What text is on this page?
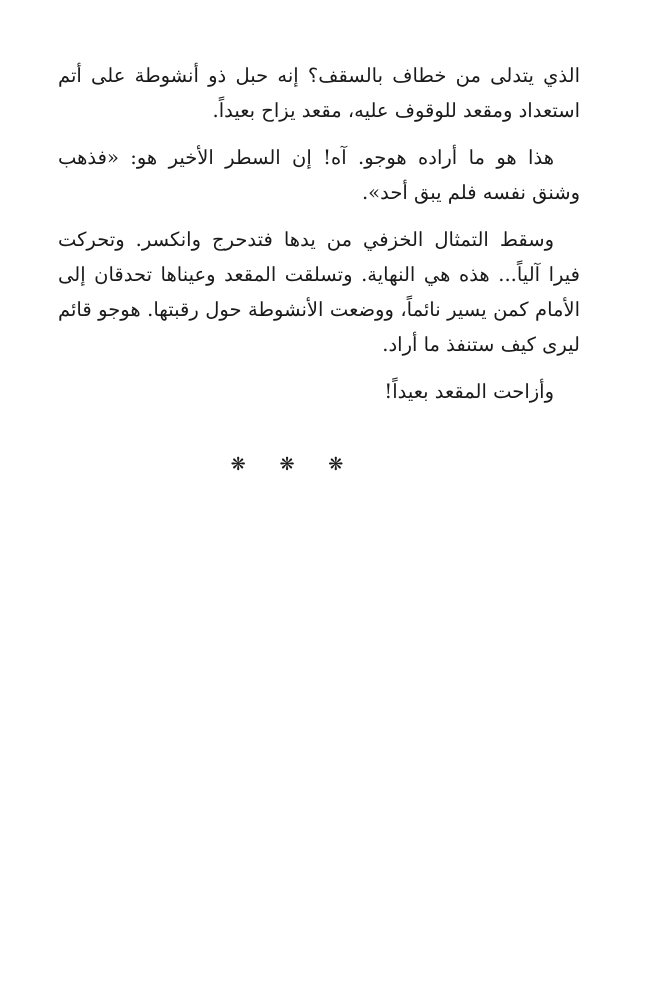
الذي يتدلى من خطاف بالسقف؟ إنه حبل ذو أنشوطة على أتم استعداد ومقعد للوقوف عليه، مقعد يزاح بعيداً.

هذا هو ما أراده هوجو. آه! إن السطر الأخير هو: «فذهب وشنق نفسه فلم يبق أحد».

وسقط التمثال الخزفي من يدها فتدحرج وانكسر. وتحركت فيرا آلياً... هذه هي النهاية. وتسلقت المقعد وعيناها تحدقان إلى الأمام كمن يسير نائماً، ووضعت الأنشوطة حول رقبتها. هوجو قائم ليرى كيف ستنفذ ما أراد.

وأزاحت المقعد بعيداً!

❋ ❋ ❋
